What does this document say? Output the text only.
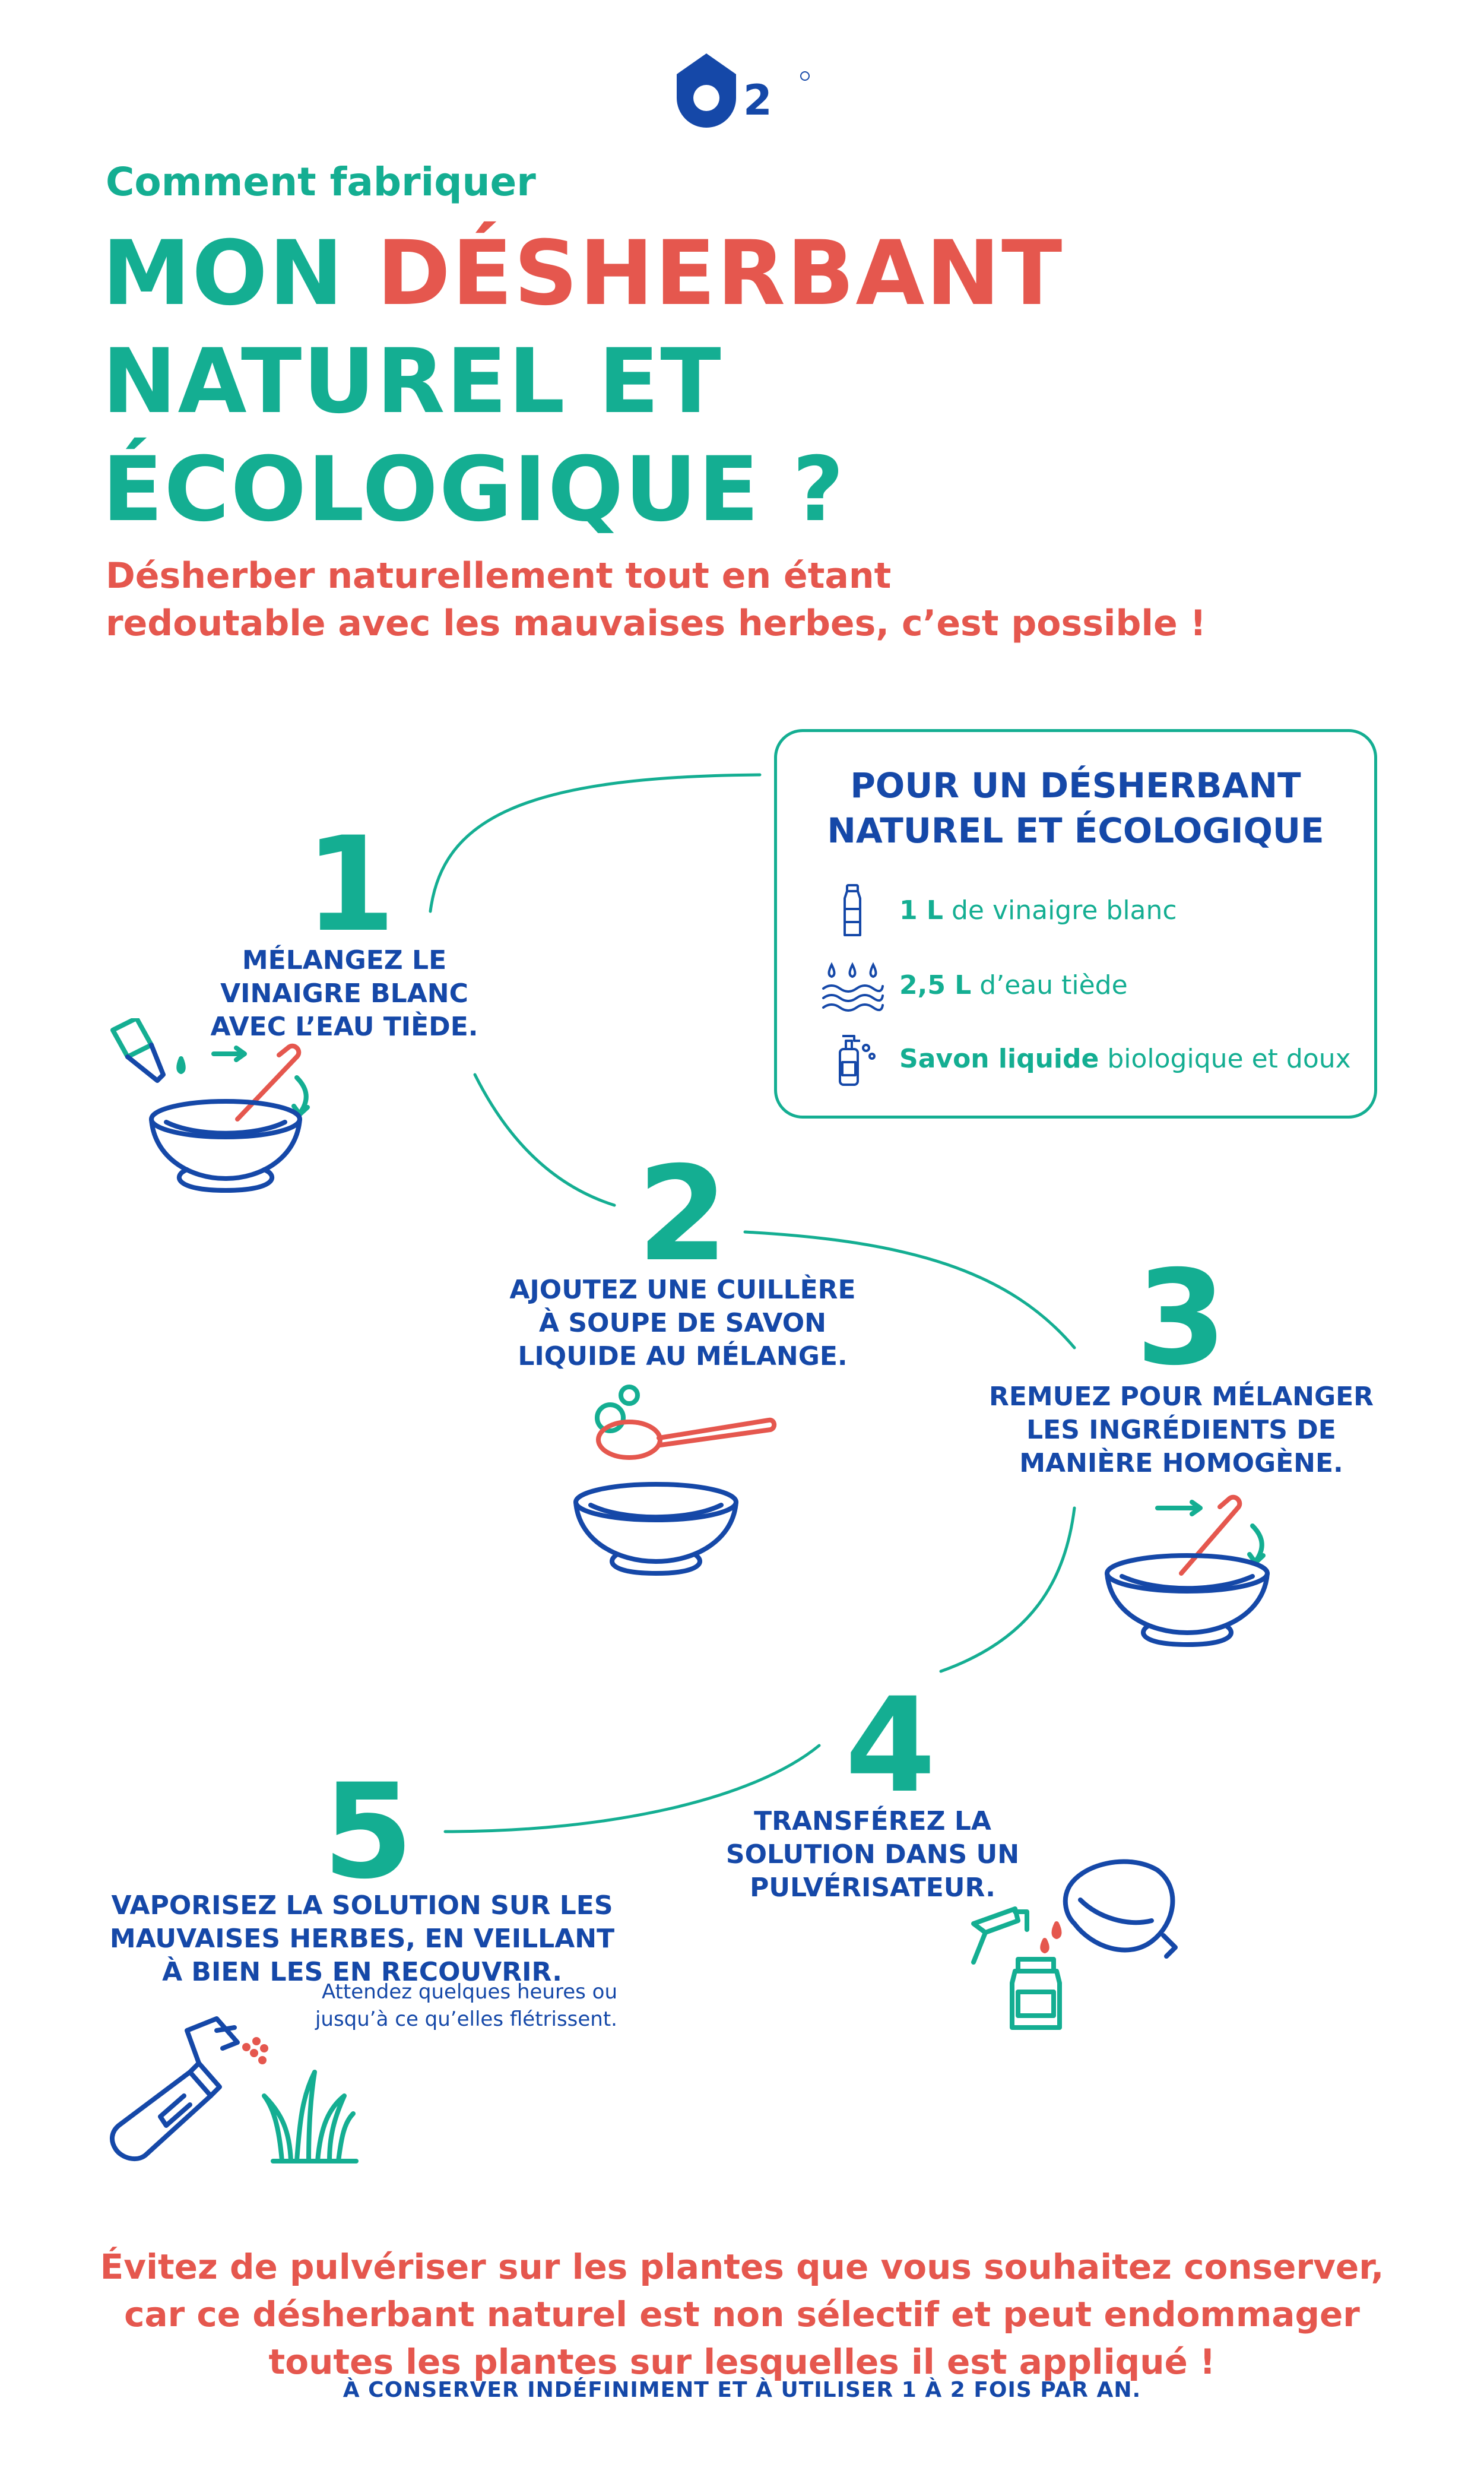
2
Comment fabriquer
MON DÉSHERBANT
NATUREL ET
ÉCOLOGIQUE ?
Désherber naturellement tout en étant
redoutable avec les mauvaises herbes, c’est possible !
POUR UN DÉSHERBANT
NATUREL ET ÉCOLOGIQUE
1 L de vinaigre blanc
2,5 L d’eau tiède
Savon liquide biologique et doux
1
MÉLANGEZ LE
VINAIGRE BLANC
AVEC L’EAU TIÈDE.
2
AJOUTEZ UNE CUILLÈRE
À SOUPE DE SAVON
LIQUIDE AU MÉLANGE.	3
REMUEZ POUR MÉLANGER
LES INGRÉDIENTS DE
MANIÈRE HOMOGÈNE.
4
TRANSFÉREZ LA
SOLUTION DANS UN
PULVÉRISATEUR.
5
VAPORISEZ LA SOLUTION SUR LES
MAUVAISES HERBES, EN VEILLANT
À BIEN LES EN RECOUVRIR.
Attendez quelques heures ou
jusqu’à ce qu’elles flétrissent.
Évitez de pulvériser sur les plantes que vous souhaitez conserver,
car ce désherbant naturel est non sélectif et peut endommager
toutes les plantes sur lesquelles il est appliqué !
À CONSERVER INDÉFINIMENT ET À UTILISER 1 À 2 FOIS PAR AN.
